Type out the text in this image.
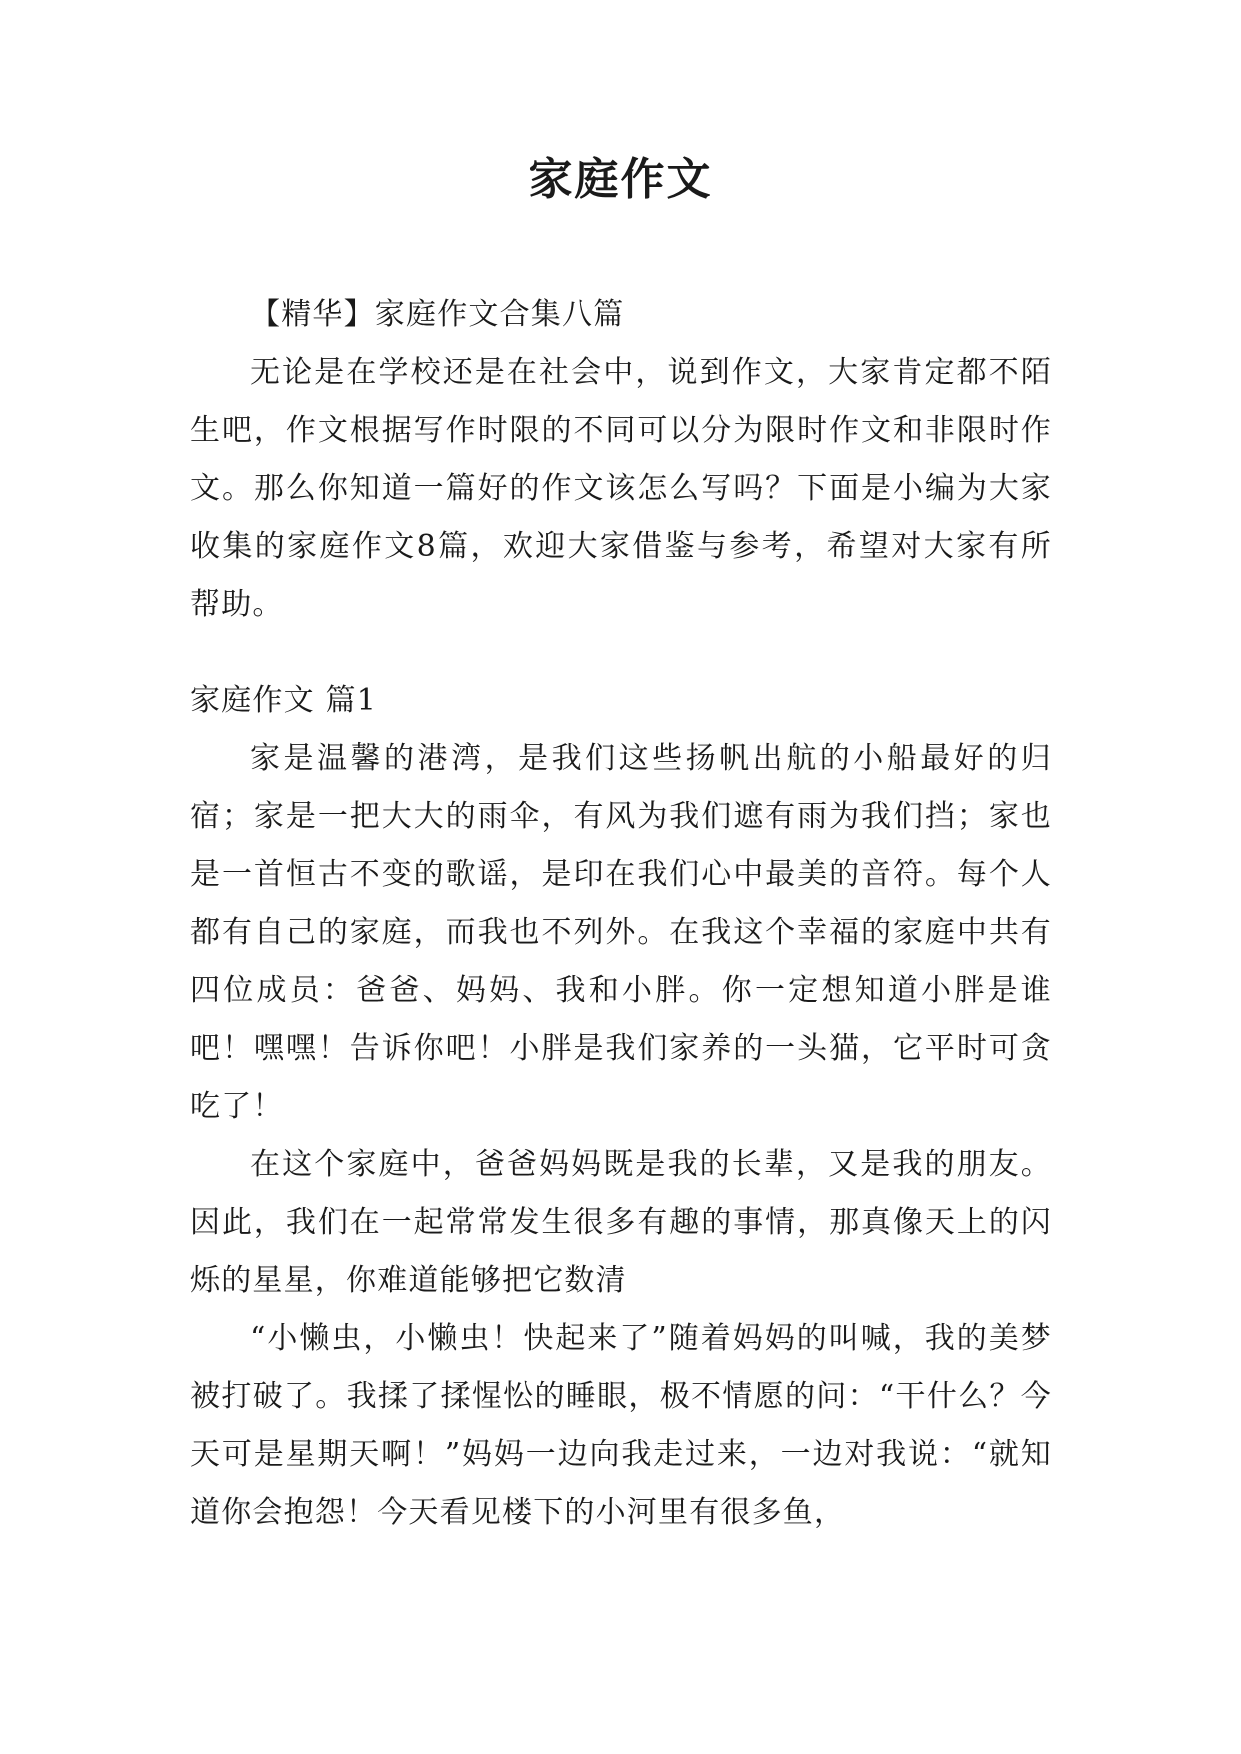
家庭作文

【精华】家庭作文合集八篇

无论是在学校还是在社会中，说到作文，大家肯定都不陌生吧，作文根据写作时限的不同可以分为限时作文和非限时作文。那么你知道一篇好的作文该怎么写吗？下面是小编为大家收集的家庭作文8篇，欢迎大家借鉴与参考，希望对大家有所帮助。

家庭作文 篇1

家是温馨的港湾，是我们这些扬帆出航的小船最好的归宿；家是一把大大的雨伞，有风为我们遮有雨为我们挡；家也是一首恒古不变的歌谣，是印在我们心中最美的音符。每个人都有自己的家庭，而我也不列外。在我这个幸福的家庭中共有四位成员：爸爸、妈妈、我和小胖。你一定想知道小胖是谁吧！嘿嘿！告诉你吧！小胖是我们家养的一头猫，它平时可贪吃了！

在这个家庭中，爸爸妈妈既是我的长辈，又是我的朋友。因此，我们在一起常常发生很多有趣的事情，那真像天上的闪烁的星星，你难道能够把它数清

“小懒虫，小懒虫！快起来了”随着妈妈的叫喊，我的美梦被打破了。我揉了揉惺忪的睡眼，极不情愿的问：“干什么？今天可是星期天啊！”妈妈一边向我走过来，一边对我说：“就知道你会抱怨！今天看见楼下的小河里有很多鱼，
